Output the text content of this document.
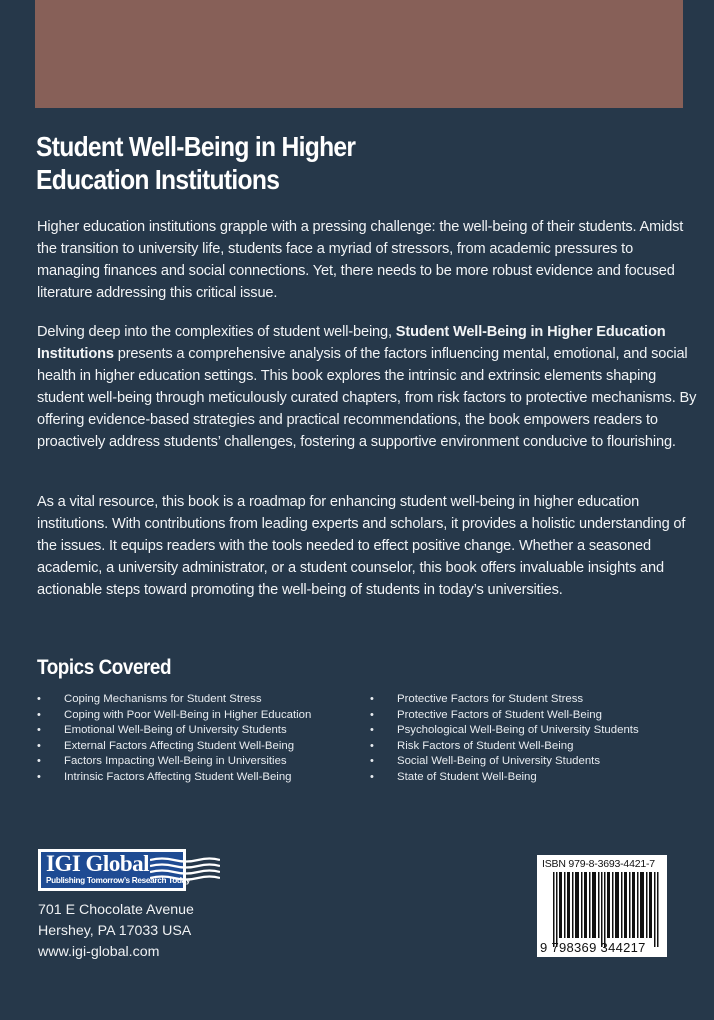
Student Well-Being in Higher
Education Institutions
Higher education institutions grapple with a pressing challenge: the well-being of their students. Amidst the transition to university life, students face a myriad of stressors, from academic pressures to managing finances and social connections. Yet, there needs to be more robust evidence and focused literature addressing this critical issue.
Delving deep into the complexities of student well-being, Student Well-Being in Higher Education Institutions presents a comprehensive analysis of the factors influencing mental, emotional, and social health in higher education settings. This book explores the intrinsic and extrinsic elements shaping student well-being through meticulously curated chapters, from risk factors to protective mechanisms. By offering evidence-based strategies and practical recommendations, the book empowers readers to proactively address students’ challenges, fostering a supportive environment conducive to flourishing.
As a vital resource, this book is a roadmap for enhancing student well-being in higher education institutions. With contributions from leading experts and scholars, it provides a holistic understanding of the issues. It equips readers with the tools needed to effect positive change. Whether a seasoned academic, a university administrator, or a student counselor, this book offers invaluable insights and actionable steps toward promoting the well-being of students in today’s universities.
Topics Covered
• Coping Mechanisms for Student Stress
• Coping with Poor Well-Being in Higher Education
• Emotional Well-Being of University Students
• External Factors Affecting Student Well-Being
• Factors Impacting Well-Being in Universities
• Intrinsic Factors Affecting Student Well-Being
• Protective Factors for Student Stress
• Protective Factors of Student Well-Being
• Psychological Well-Being of University Students
• Risk Factors of Student Well-Being
• Social Well-Being of University Students
• State of Student Well-Being
IGI Global
Publishing Tomorrow’s Research Today
701 E Chocolate Avenue
Hershey, PA 17033 USA
www.igi-global.com
ISBN 979-8-3693-4421-7
9 798369 344217
